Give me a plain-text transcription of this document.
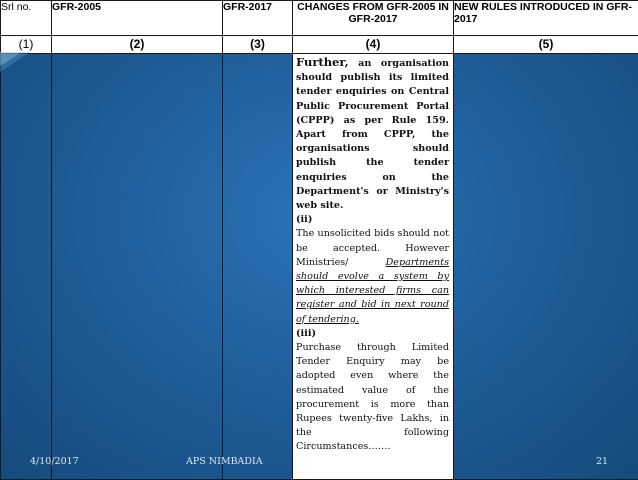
Srl no.	GFR-2005	GFR-2017	CHANGES FROM GFR-2005 IN GFR-2017	NEW RULES INTRODUCED IN GFR-2017
(1)	(2)	(3)	(4)	(5)

			Further, an organisation should publish its limited tender enquiries on Central Public Procurement Portal (CPPP) as per Rule 159. Apart from CPPP, the organisations should publish the tender enquiries on the Department's or Ministry's web site.
(ii)
The unsolicited bids should not be accepted. However Ministries/ Departments should evolve a system by which interested firms can register and bid in next round of tendering.
(iii)
Purchase through Limited Tender Enquiry may be adopted even where the estimated value of the procurement is more than Rupees twenty-five Lakhs, in the following Circumstances…….	

4/10/2017	APS NIMBADIA	21
